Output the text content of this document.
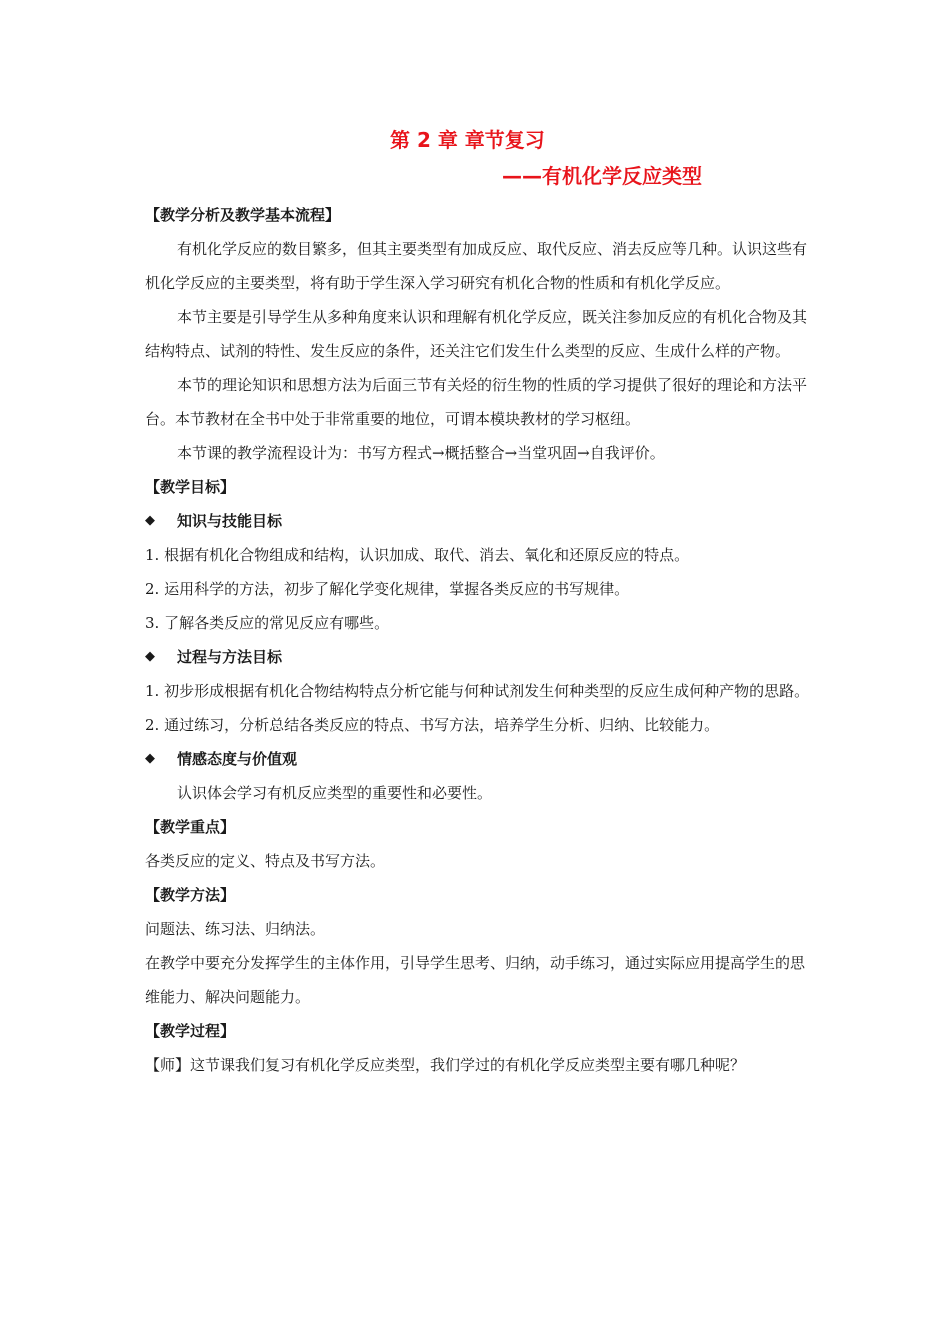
第 2 章 章节复习
——有机化学反应类型

【教学分析及教学基本流程】

有机化学反应的数目繁多，但其主要类型有加成反应、取代反应、消去反应等几种。认识这些有机化学反应的主要类型，将有助于学生深入学习研究有机化合物的性质和有机化学反应。

本节主要是引导学生从多种角度来认识和理解有机化学反应，既关注参加反应的有机化合物及其结构特点、试剂的特性、发生反应的条件，还关注它们发生什么类型的反应、生成什么样的产物。

本节的理论知识和思想方法为后面三节有关烃的衍生物的性质的学习提供了很好的理论和方法平台。本节教材在全书中处于非常重要的地位，可谓本模块教材的学习枢纽。

本节课的教学流程设计为：书写方程式→概括整合→当堂巩固→自我评价。

【教学目标】

◆	知识与技能目标

1. 根据有机化合物组成和结构，认识加成、取代、消去、氧化和还原反应的特点。

2. 运用科学的方法，初步了解化学变化规律，掌握各类反应的书写规律。

3. 了解各类反应的常见反应有哪些。

◆	过程与方法目标

1. 初步形成根据有机化合物结构特点分析它能与何种试剂发生何种类型的反应生成何种产物的思路。

2. 通过练习，分析总结各类反应的特点、书写方法，培养学生分析、归纳、比较能力。

◆	情感态度与价值观

认识体会学习有机反应类型的重要性和必要性。

【教学重点】

各类反应的定义、特点及书写方法。

【教学方法】

问题法、练习法、归纳法。

在教学中要充分发挥学生的主体作用，引导学生思考、归纳，动手练习，通过实际应用提高学生的思维能力、解决问题能力。

【教学过程】

【师】这节课我们复习有机化学反应类型，我们学过的有机化学反应类型主要有哪几种呢？
